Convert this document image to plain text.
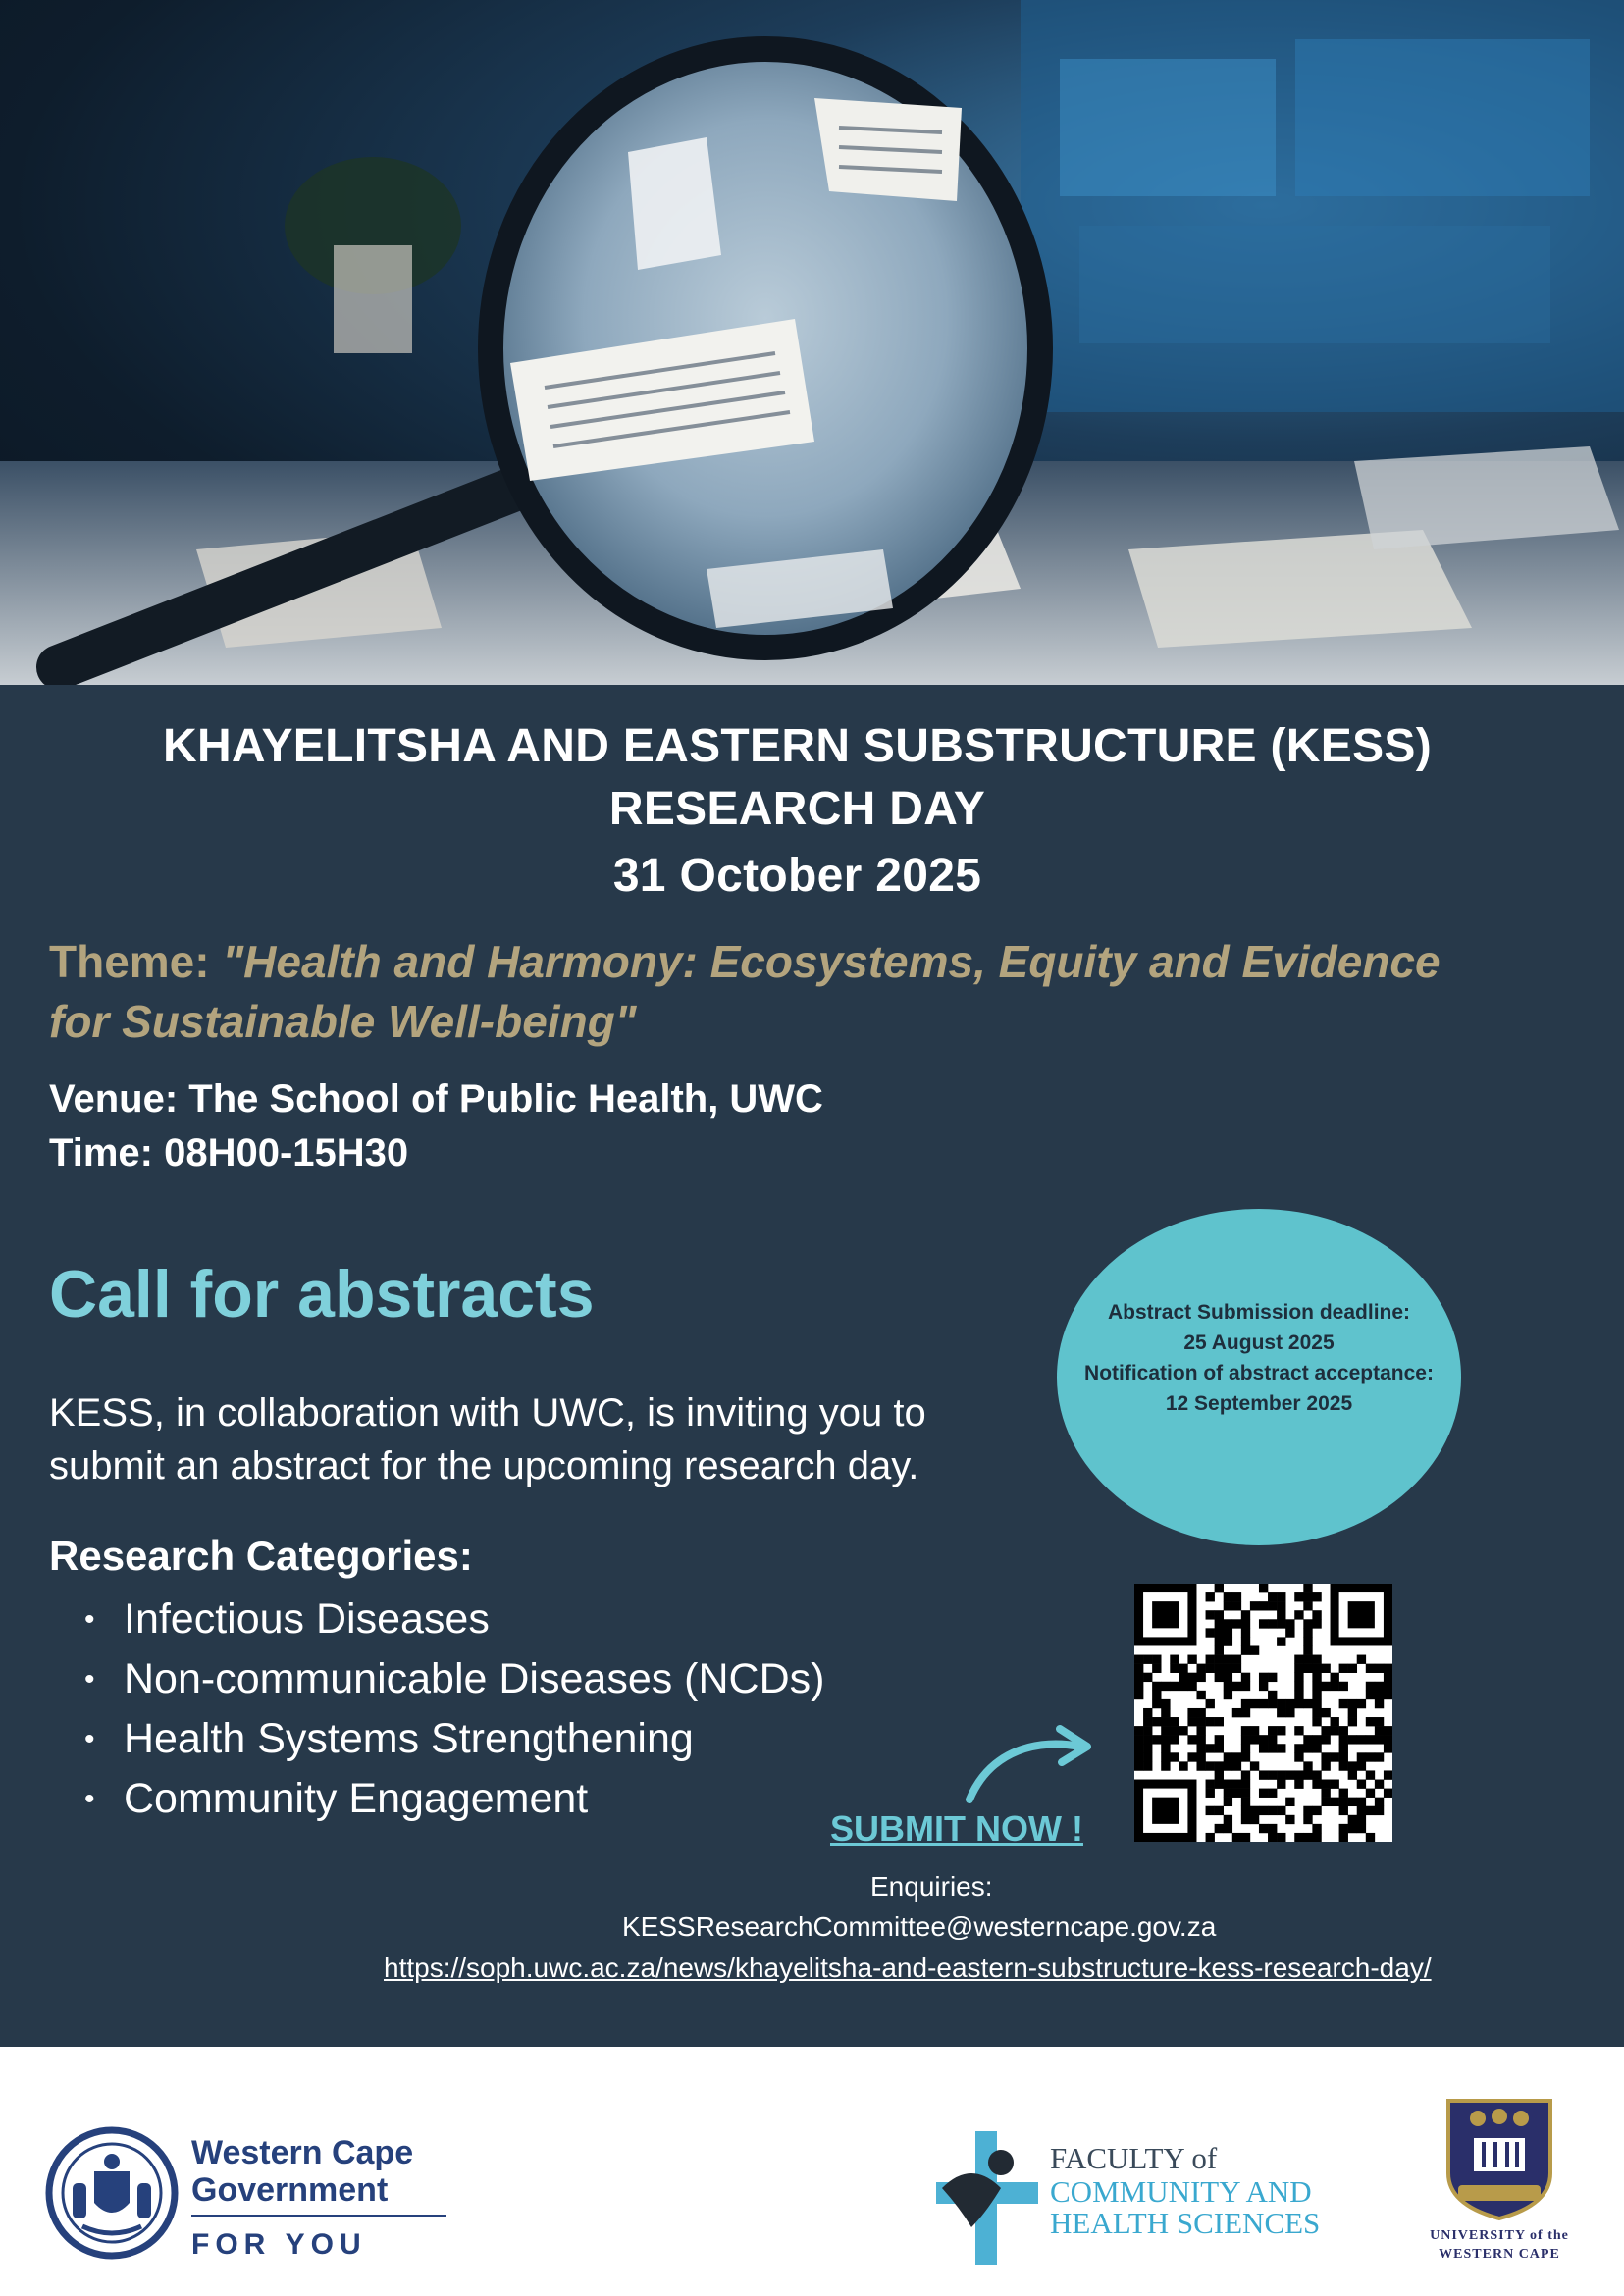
KHAYELITSHA AND EASTERN SUBSTRUCTURE (KESS)
RESEARCH DAY
31 October 2025
Theme: "Health and Harmony: Ecosystems, Equity and Evidence
for Sustainable Well-being"
Venue: The School of Public Health, UWC
Time: 08H00-15H30
Call for abstracts
KESS, in collaboration with UWC, is inviting you to
submit an abstract for the upcoming research day.
Research Categories:
• Infectious Diseases
• Non-communicable Diseases (NCDs)
• Health Systems Strengthening
• Community Engagement
Abstract Submission deadline:
25 August 2025
Notification of abstract acceptance:
12 September 2025
SUBMIT NOW !
Enquiries:
KESSResearchCommittee@westerncape.gov.za
https://soph.uwc.ac.za/news/khayelitsha-and-eastern-substructure-kess-research-day/
Western Cape
Government
FOR YOU
FACULTY of
COMMUNITY AND
HEALTH SCIENCES	UNIVERSITY of the
WESTERN CAPE
